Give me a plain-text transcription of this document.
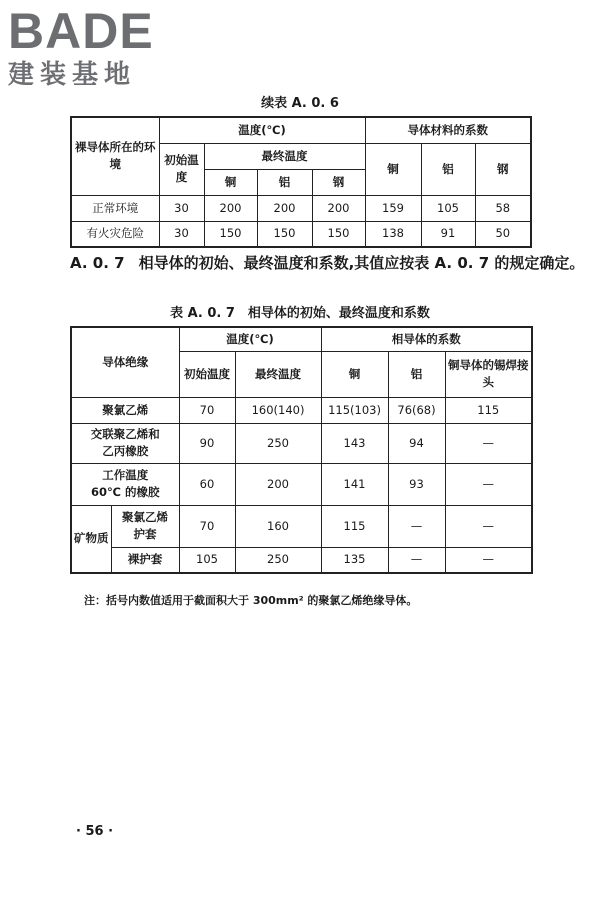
BADE
建装基地
续表 A. 0. 6
裸导体所在的环境	温度(℃)				导体材料的系数		
	初始温度	最终温度			铜	铝	钢
		铜	铝	钢			
正常环境	30	200	200	200	159	105	58
有火灾危险	30	150	150	150	138	91	50
A. 0. 7 相导体的初始、最终温度和系数,其值应按表 A. 0. 7 的规定确定。
表 A. 0. 7　相导体的初始、最终温度和系数
导体绝缘		温度(℃)		相导体的系数		
		初始温度	最终温度	铜	铝	铜导体的锡焊接头
聚氯乙烯		70	160(140)	115(103)	76(68)	115
交联聚乙烯和乙丙橡胶		90	250	143	94	—
工作温度 60℃ 的橡胶		60	200	141	93	—
矿物质	聚氯乙烯护套	70	160	115	—	—
	裸护套	105	250	135	—	—
注：括号内数值适用于截面积大于 300mm² 的聚氯乙烯绝缘导体。
· 56 ·
